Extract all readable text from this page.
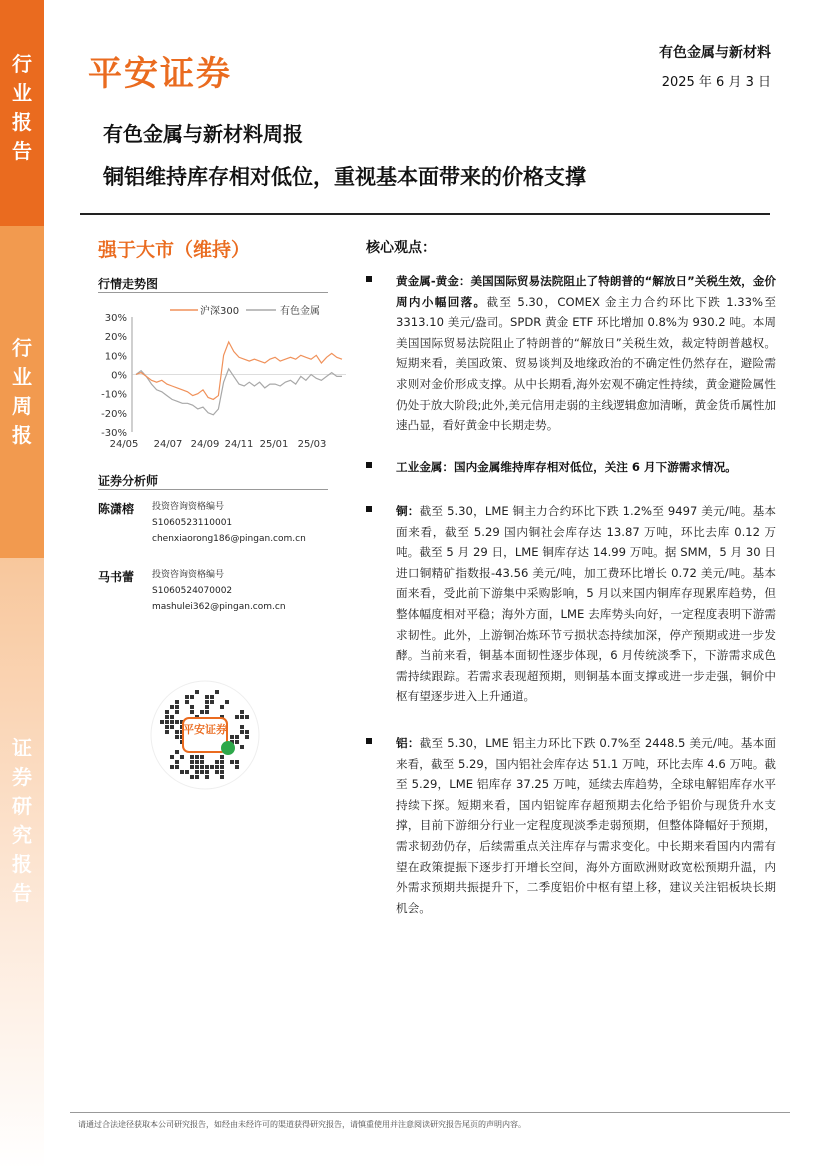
行
业
报
告
行
业
周
报
证
券
研
究
报
告
平安证券
有色金属与新材料
2025 年 6 月 3 日
有色金属与新材料周报
铜铝维持库存相对低位，重视基本面带来的价格支撑
强于大市（维持）
行情走势图
沪深300	有色金属
30%
20%
10%
0%
-10%
-20%
-30%
24/05 24/07 24/09 24/11 25/01 25/03
证券分析师
陈潇榕 投资咨询资格编号
S1060523110001
chenxiaorong186@pingan.com.cn
马书蕾 投资咨询资格编号
S1060524070002
mashulei362@pingan.com.cn
平安证券
核心观点：
黄金属-黄金：美国国际贸易法院阻止了特朗普的“解放日”关税生效，金价周内小幅回落。截至 5.30，COMEX 金主力合约环比下跌 1.33%至 3313.10 美元/盎司。SPDR 黄金 ETF 环比增加 0.8%为 930.2 吨。本周美国国际贸易法院阻止了特朗普的“解放日”关税生效，裁定特朗普越权。短期来看，美国政策、贸易谈判及地缘政治的不确定性仍然存在，避险需求则对金价形成支撑。从中长期看,海外宏观不确定性持续，黄金避险属性仍处于放大阶段;此外,美元信用走弱的主线逻辑愈加清晰，黄金货币属性加速凸显，看好黄金中长期走势。
工业金属：国内金属维持库存相对低位，关注 6 月下游需求情况。
铜：截至 5.30，LME 铜主力合约环比下跌 1.2%至 9497 美元/吨。基本面来看，截至 5.29 国内铜社会库存达 13.87 万吨，环比去库 0.12 万吨。截至 5 月 29 日，LME 铜库存达 14.99 万吨。据 SMM，5 月 30 日进口铜精矿指数报-43.56 美元/吨，加工费环比增长 0.72 美元/吨。基本面来看，受此前下游集中采购影响，5 月以来国内铜库存现累库趋势，但整体幅度相对平稳；海外方面，LME 去库势头向好，一定程度表明下游需求韧性。此外，上游铜冶炼环节亏损状态持续加深，停产预期或进一步发酵。当前来看，铜基本面韧性逐步体现，6 月传统淡季下，下游需求成色需持续跟踪。若需求表现超预期，则铜基本面支撑或进一步走强，铜价中枢有望逐步进入上升通道。
铝：截至 5.30，LME 铝主力环比下跌 0.7%至 2448.5 美元/吨。基本面来看，截至 5.29，国内铝社会库存达 51.1 万吨，环比去库 4.6 万吨。截至 5.29，LME 铝库存 37.25 万吨，延续去库趋势，全球电解铝库存水平持续下探。短期来看，国内铝锭库存超预期去化给予铝价与现货升水支撑，目前下游细分行业一定程度现淡季走弱预期，但整体降幅好于预期，需求韧劲仍存，后续需重点关注库存与需求变化。中长期来看国内内需有望在政策提振下逐步打开增长空间，海外方面欧洲财政宽松预期升温，内外需求预期共振提升下，二季度铝价中枢有望上移，建议关注铝板块长期机会。
请通过合法途径获取本公司研究报告，如经由未经许可的渠道获得研究报告，请慎重使用并注意阅读研究报告尾页的声明内容。
